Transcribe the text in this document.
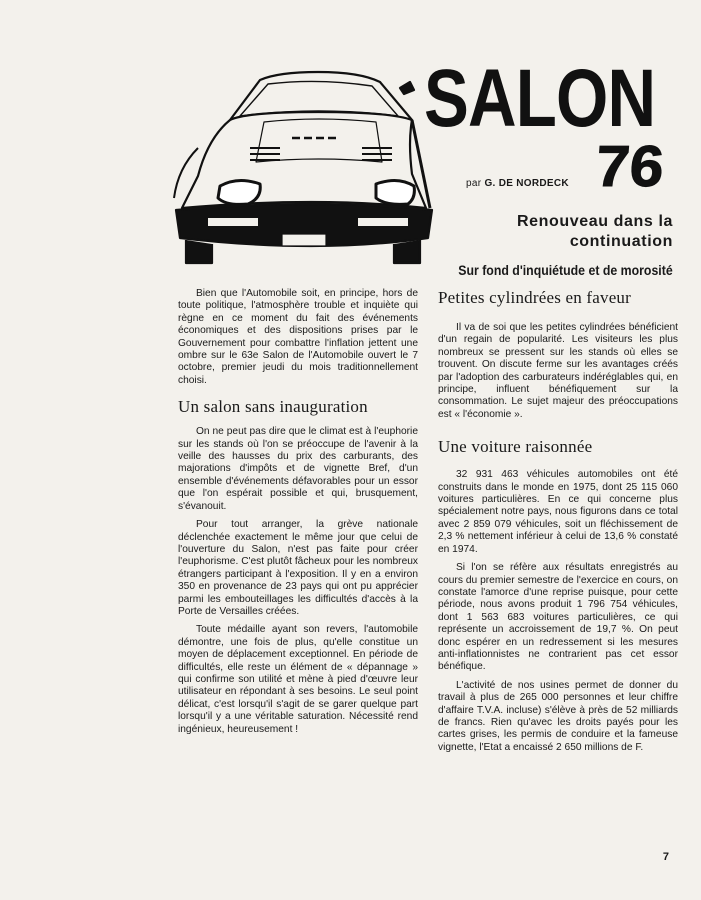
SALON
76
par G. DE NORDECK
Renouveau dans la continuation
Sur fond d'inquiétude et de morosité

Bien que l'Automobile soit, en principe, hors de toute politique, l'atmosphère trouble et inquiète qui règne en ce moment du fait des événements économiques et des dispositions prises par le Gouvernement pour combattre l'inflation jettent une ombre sur le 63e Salon de l'Automobile ouvert le 7 octobre, premier jeudi du mois traditionnellement choisi.

Un salon sans inauguration

On ne peut pas dire que le climat est à l'euphorie sur les stands où l'on se préoccupe de l'avenir à la veille des hausses du prix des carburants, des majorations d'impôts et de vignette Bref, d'un ensemble d'événements défavorables pour un essor que l'on espérait possible et qui, brusquement, s'évanouit.

Pour tout arranger, la grève nationale déclenchée exactement le même jour que celui de l'ouverture du Salon, n'est pas faite pour créer l'euphorisme. C'est plutôt fâcheux pour les nombreux étrangers participant à l'exposition. Il y en a environ 350 en provenance de 23 pays qui ont pu apprécier parmi les embouteillages les difficultés d'accès à la Porte de Versailles créées.

Toute médaille ayant son revers, l'automobile démontre, une fois de plus, qu'elle constitue un moyen de déplacement exceptionnel. En période de difficultés, elle reste un élément de « dépannage » qui confirme son utilité et mène à pied d'œuvre leur utilisateur en répondant à ses besoins. Le seul point délicat, c'est lorsqu'il s'agit de se garer quelque part lorsqu'il y a une véritable saturation. Nécessité rend ingénieux, heureusement !

Petites cylindrées en faveur

Il va de soi que les petites cylindrées bénéficient d'un regain de popularité. Les visiteurs les plus nombreux se pressent sur les stands où elles se trouvent. On discute ferme sur les avantages créés par l'adoption des carburateurs indéréglables qui, en principe, influent bénéfiquement sur la consommation. Le sujet majeur des préoccupations est « l'économie ».

Une voiture raisonnée

32 931 463 véhicules automobiles ont été construits dans le monde en 1975, dont 25 115 060 voitures particulières. En ce qui concerne plus spécialement notre pays, nous figurons dans ce total avec 2 859 079 véhicules, soit un fléchissement de 2,3 % nettement inférieur à celui de 13,6 % constaté en 1974.

Si l'on se réfère aux résultats enregistrés au cours du premier semestre de l'exercice en cours, on constate l'amorce d'une reprise puisque, pour cette période, nous avons produit 1 796 754 véhicules, dont 1 563 683 voitures particulières, ce qui représente un accroissement de 19,7 %. On peut donc espérer en un redressement si les mesures anti-inflationnistes ne contrarient pas cet essor bénéfique.

L'activité de nos usines permet de donner du travail à plus de 265 000 personnes et leur chiffre d'affaire T.V.A. incluse) s'élève à près de 52 milliards de francs. Rien qu'avec les droits payés pour les cartes grises, les permis de conduire et la fameuse vignette, l'Etat a encaissé 2 650 millions de F.

7
